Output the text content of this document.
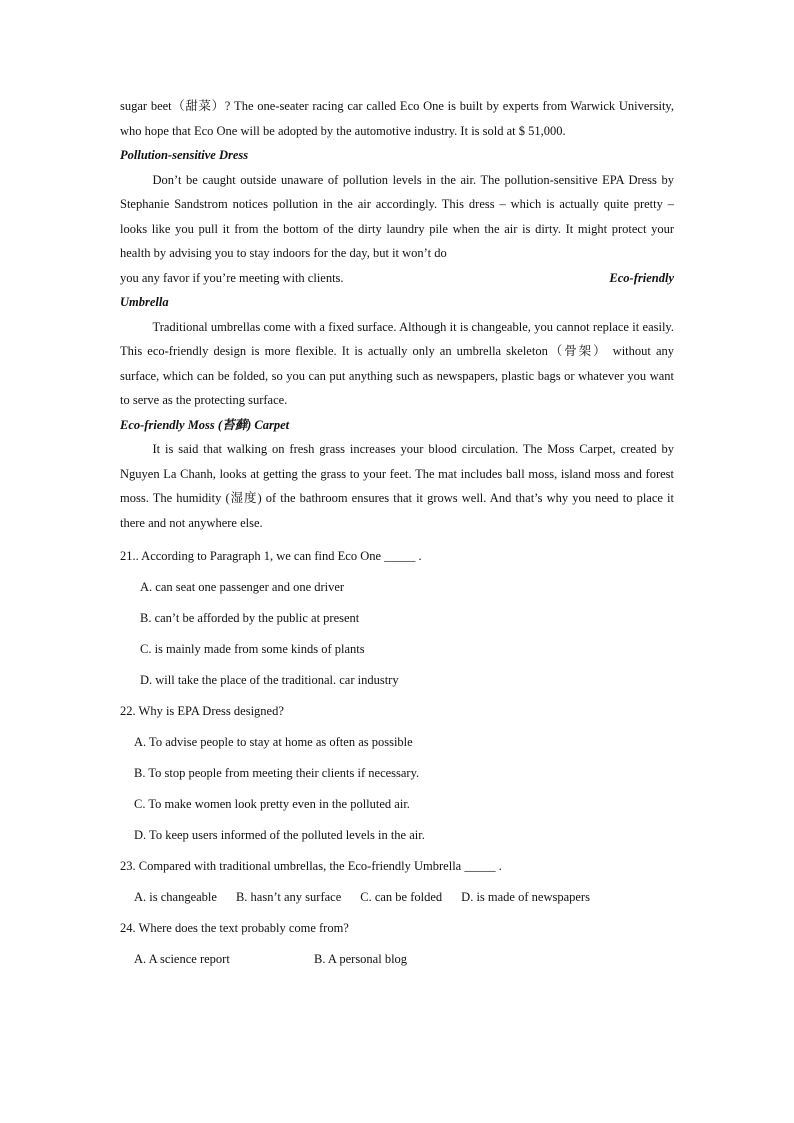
sugar beet（甜菜）? The one-seater racing car called Eco One is built by experts from Warwick University, who hope that Eco One will be adopted by the automotive industry. It is sold at $ 51,000.

Pollution-sensitive Dress

Don’t be caught outside unaware of pollution levels in the air. The pollution-sensitive EPA Dress by Stephanie Sandstrom notices pollution in the air accordingly. This dress – which is actually quite pretty – looks like you pull it from the bottom of the dirty laundry pile when the air is dirty. It might protect your health by advising you to stay indoors for the day, but it won’t do

you any favor if you’re meeting with clients.	Eco-friendly

Umbrella

Traditional umbrellas come with a fixed surface. Although it is changeable, you cannot replace it easily. This eco-friendly design is more flexible. It is actually only an umbrella skeleton（骨架） without any surface, which can be folded, so you can put anything such as newspapers, plastic bags or whatever you want to serve as the protecting surface.

Eco-friendly Moss (苔藓) Carpet

It is said that walking on fresh grass increases your blood circulation. The Moss Carpet, created by Nguyen La Chanh, looks at getting the grass to your feet. The mat includes ball moss, island moss and forest moss. The humidity (湿度) of the bathroom ensures that it grows well. And that’s why you need to place it there and not anywhere else.

21.. According to Paragraph 1, we can find Eco One _____ .

A. can seat one passenger and one driver

B. can’t be afforded by the public at present

C. is mainly made from some kinds of plants

D. will take the place of the traditional. car industry

22. Why is EPA Dress designed?

A. To advise people to stay at home as often as possible

B. To stop people from meeting their clients if necessary.

C. To make women look pretty even in the polluted air.

D. To keep users informed of the polluted levels in the air.

23. Compared with traditional umbrellas, the Eco-friendly Umbrella _____ .

A. is changeable B. hasn’t any surface C. can be folded D. is made of newspapers

24. Where does the text probably come from?

A. A science report	B. A personal blog
